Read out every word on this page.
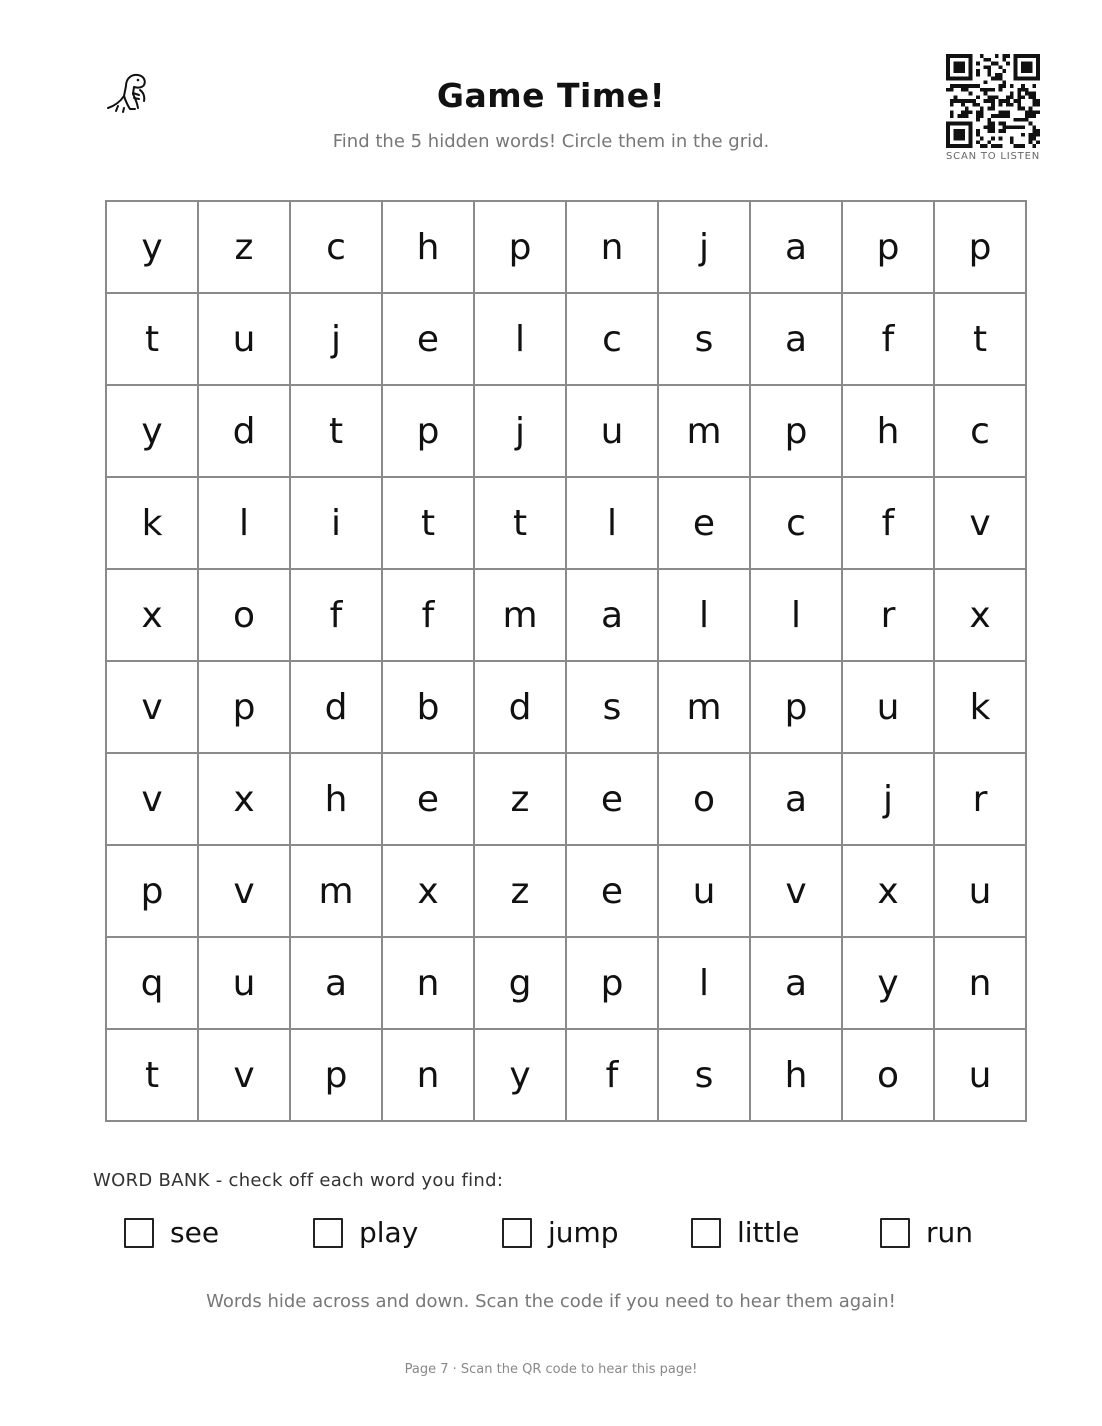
Game Time!
Find the 5 hidden words! Circle them in the grid.
SCAN TO LISTEN
y	z	c	h	p	n	j	a	p	p
t	u	j	e	l	c	s	a	f	t
y	d	t	p	j	u	m	p	h	c
k	l	i	t	t	l	e	c	f	v
x	o	f	f	m	a	l	l	r	x
v	p	d	b	d	s	m	p	u	k
v	x	h	e	z	e	o	a	j	r
p	v	m	x	z	e	u	v	x	u
q	u	a	n	g	p	l	a	y	n
t	v	p	n	y	f	s	h	o	u
WORD BANK - check off each word you find:
see	play	jump	little	run
Words hide across and down. Scan the code if you need to hear them again!
Page 7 · Scan the QR code to hear this page!
